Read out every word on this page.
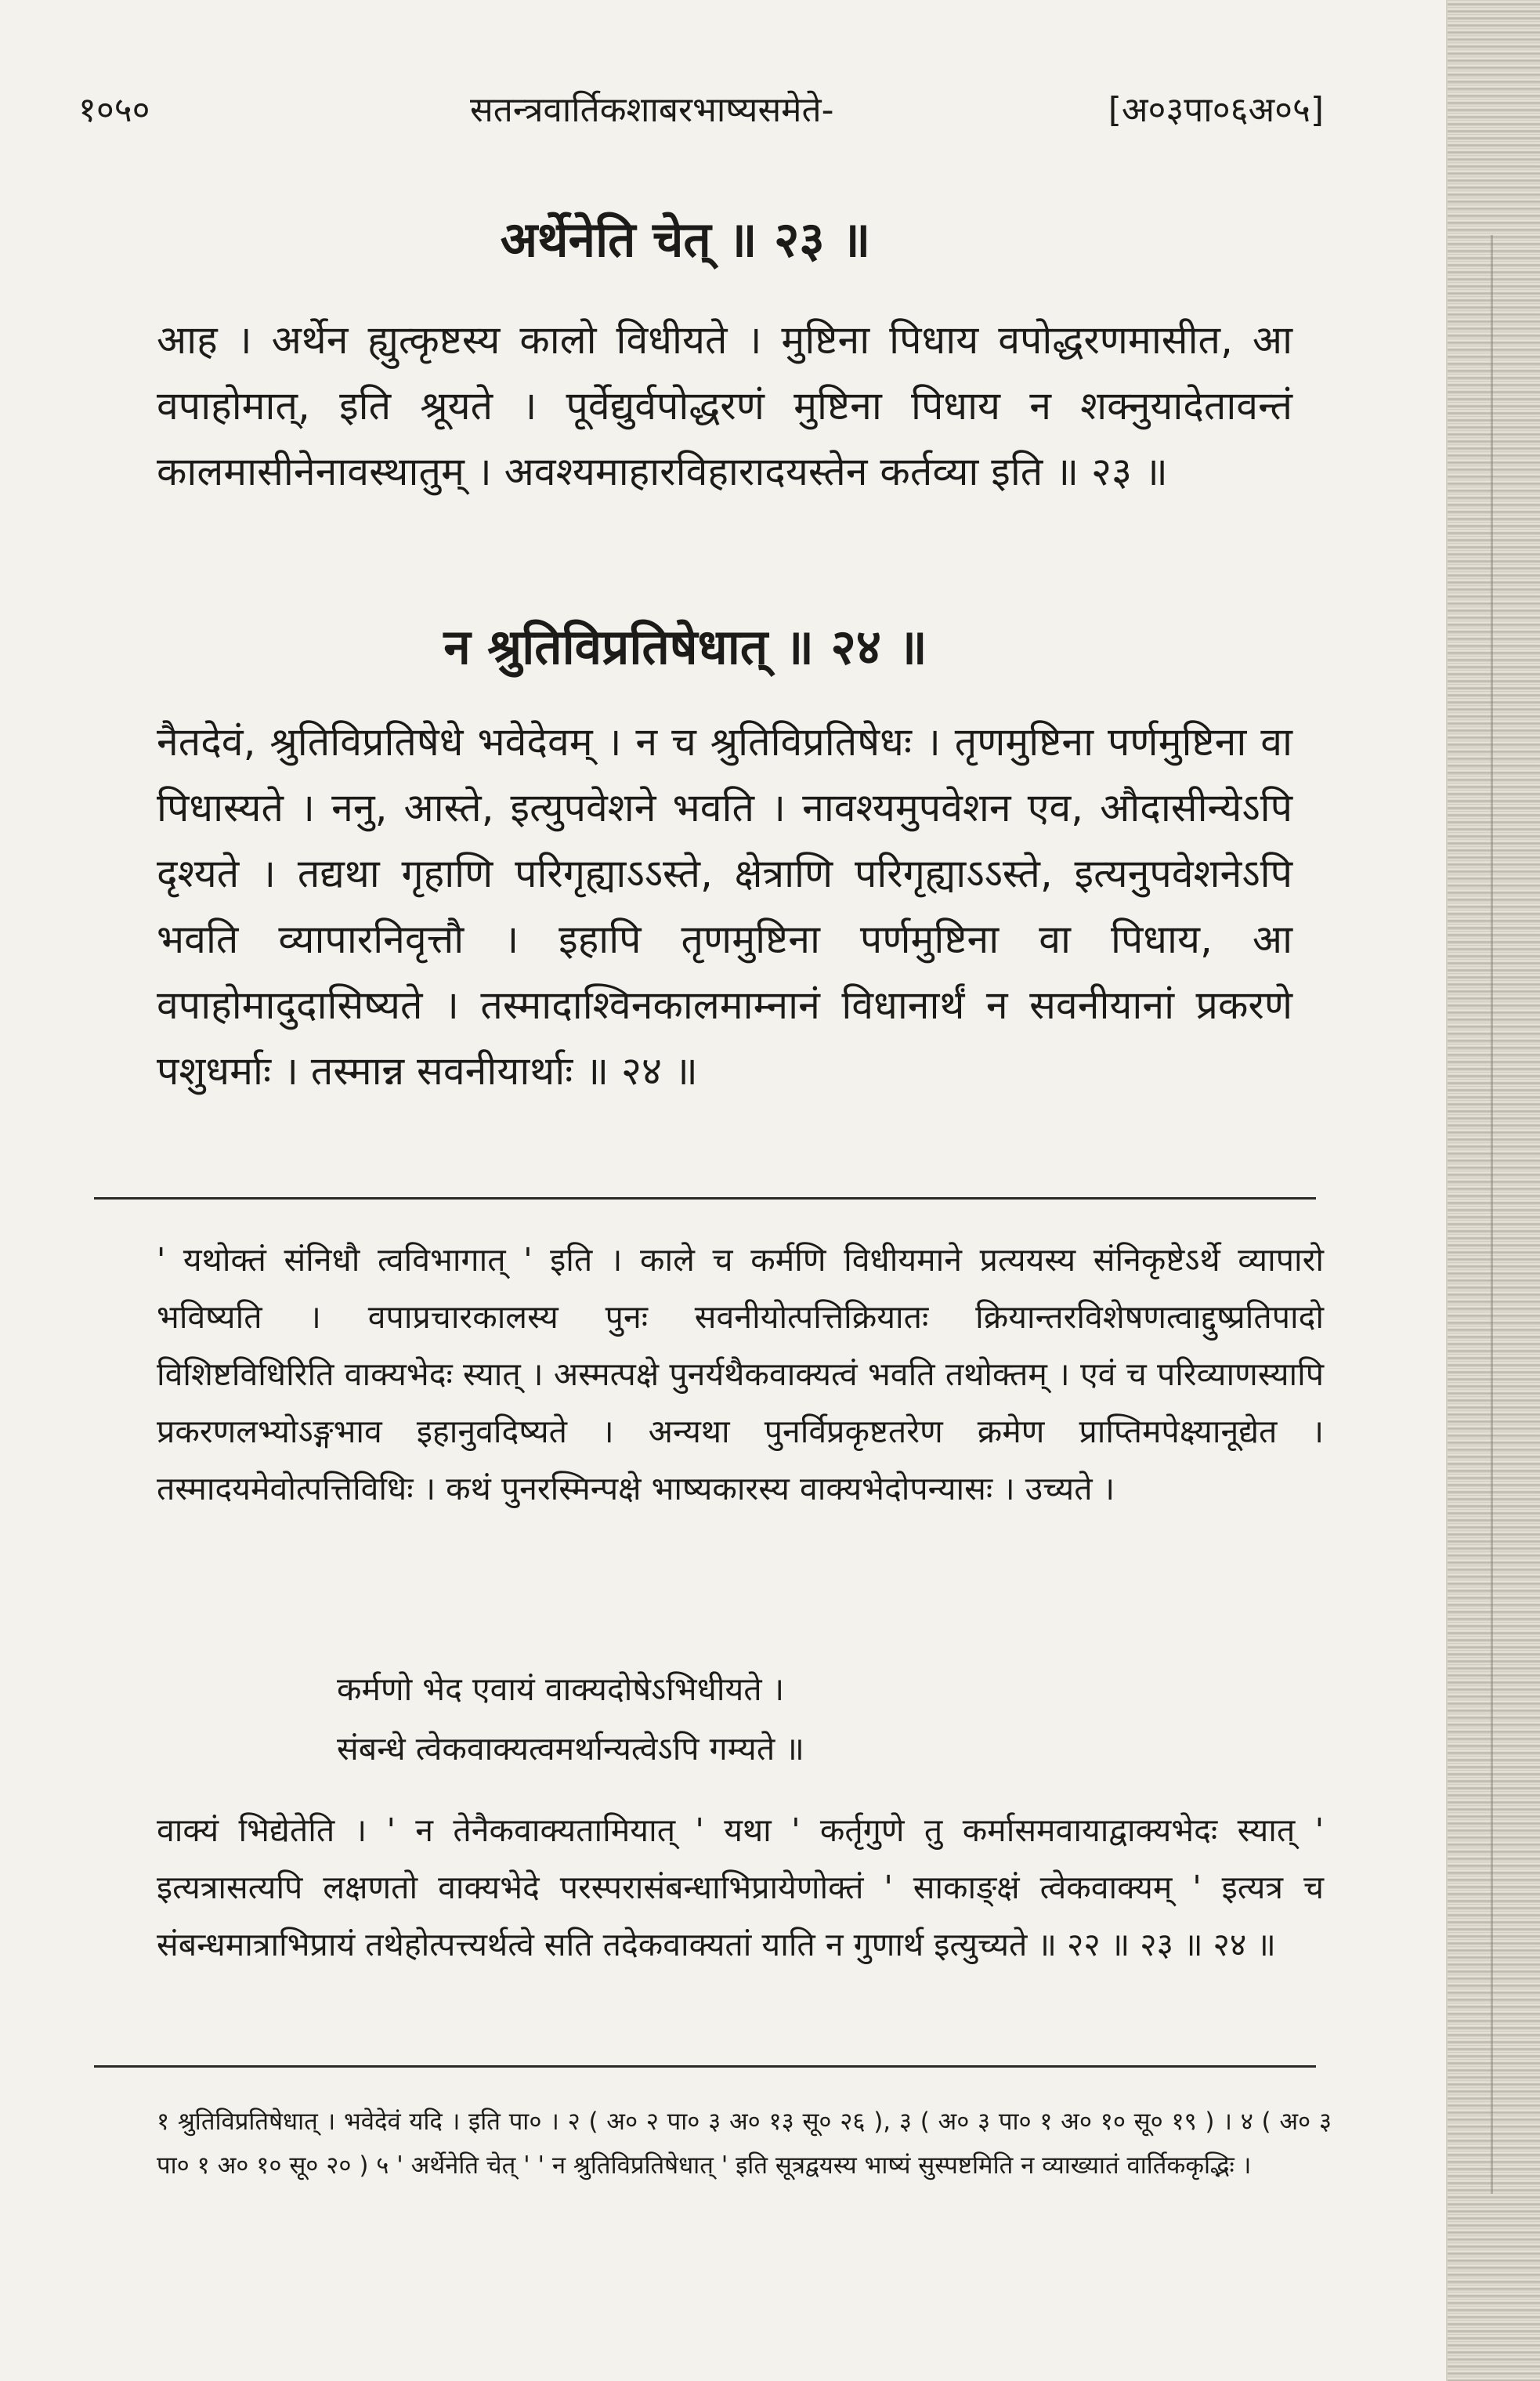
१०५०	सतन्त्रवार्तिकशाबरभाष्यसमेते-	[अ०३पा०६अ०५]
अर्थेनेति चेत् ॥ २३ ॥

आह । अर्थेन ह्युत्कृष्टस्य कालो विधीयते । मुष्टिना पिधाय वपोद्धरणमासीत, आ वपाहोमात्, इति श्रूयते । पूर्वेद्युर्वपोद्धरणं मुष्टिना पिधाय न शक्नुयादेतावन्तं कालमासीनेनावस्थातुम् । अवश्यमाहारविहारादयस्तेन कर्तव्या इति ॥ २३ ॥

न श्रुतिविप्रतिषेधात् ॥ २४ ॥

नैतदेवं, श्रुतिविप्रतिषेधे भवेदेवम् । न च श्रुतिविप्रतिषेधः । तृणमुष्टिना पर्णमुष्टिना वा पिधास्यते । ननु, आस्ते, इत्युपवेशने भवति । नावश्यमुपवेशन एव, औदासीन्येऽपि दृश्यते । तद्यथा गृहाणि परिगृह्याऽऽस्ते, क्षेत्राणि परिगृह्याऽऽस्ते, इत्यनुपवेशनेऽपि भवति व्यापारनिवृत्तौ । इहापि तृणमुष्टिना पर्णमुष्टिना वा पिधाय, आ वपाहोमादुदासिष्यते । तस्मादाश्विनकालमाम्नानं विधानार्थं न सवनीयानां प्रकरणे पशुधर्माः । तस्मान्न सवनीयार्थाः ॥ २४ ॥

' यथोक्तं संनिधौ त्वविभागात् ' इति । काले च कर्मणि विधीयमाने प्रत्ययस्य संनिकृष्टेऽर्थे व्यापारो भविष्यति । वपाप्रचारकालस्य पुनः सवनीयोत्पत्तिक्रियातः क्रियान्तरविशेषणत्वाद्दुष्प्रतिपादो विशिष्टविधिरिति वाक्यभेदः स्यात् । अस्मत्पक्षे पुनर्यथैकवाक्यत्वं भवति तथोक्तम् । एवं च परिव्याणस्यापि प्रकरणलभ्योऽङ्गभाव इहानुवदिष्यते । अन्यथा पुनर्विप्रकृष्टतरेण क्रमेण प्राप्तिमपेक्ष्यानूद्येत । तस्मादयमेवोत्पत्तिविधिः । कथं पुनरस्मिन्पक्षे भाष्यकारस्य वाक्यभेदोपन्यासः । उच्यते ।

कर्मणो भेद एवायं वाक्यदोषेऽभिधीयते ।
संबन्धे त्वेकवाक्यत्वमर्थान्यत्वेऽपि गम्यते ॥

वाक्यं भिद्येतेति । ' न तेनैकवाक्यतामियात् ' यथा ' कर्तृगुणे तु कर्मासमवायाद्वाक्यभेदः स्यात् ' इत्यत्रासत्यपि लक्षणतो वाक्यभेदे परस्परासंबन्धाभिप्रायेणोक्तं ' साकाङ्क्षं त्वेकवाक्यम् ' इत्यत्र च संबन्धमात्राभिप्रायं तथेहोत्पत्त्यर्थत्वे सति तदेकवाक्यतां याति न गुणार्थ इत्युच्यते ॥ २२ ॥ २३ ॥ २४ ॥

१ श्रुतिविप्रतिषेधात् । भवेदेवं यदि । इति पा० । २ ( अ० २ पा० ३ अ० १३ सू० २६ ), ३ ( अ० ३ पा० १ अ० १० सू० १९ ) । ४ ( अ० ३ पा० १ अ० १० सू० २० ) ५ ' अर्थेनेति चेत् ' ' न श्रुतिविप्रतिषेधात् ' इति सूत्रद्वयस्य भाष्यं सुस्पष्टमिति न व्याख्यातं वार्तिककृद्भिः ।
